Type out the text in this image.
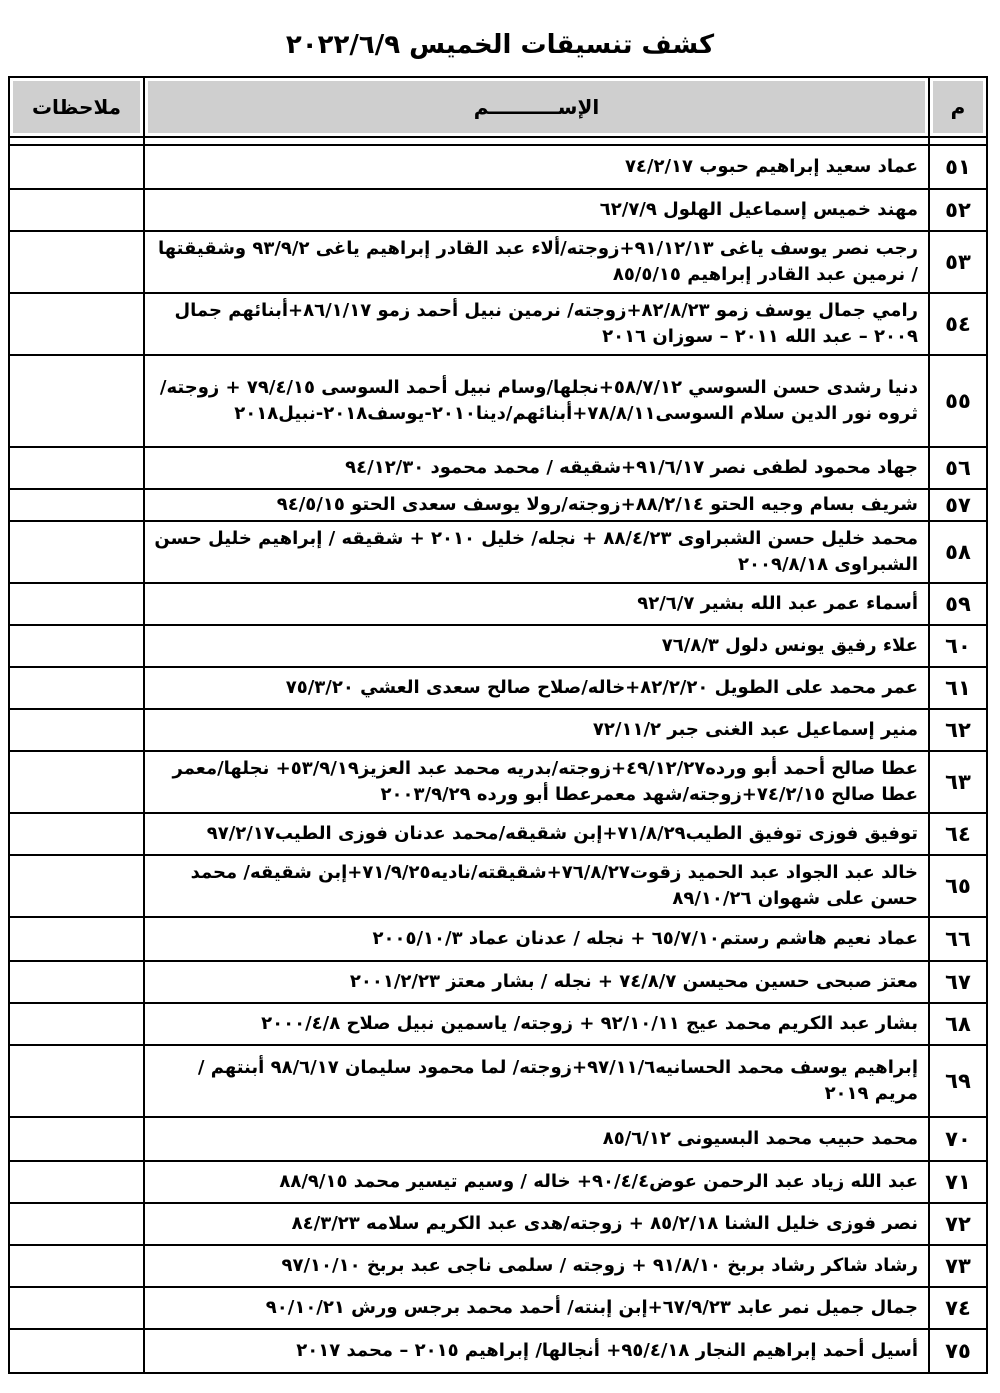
كشف تنسيقات الخميس ٢٠٢٢/٦/٩
م	الإســــــــــم	ملاحظات

٥١	عماد سعيد إبراهيم حبوب ٧٤/٢/١٧	
٥٢	مهند خميس إسماعيل الهلول ٦٢/٧/٩	
٥٣	رجب نصر يوسف ياغى ٩١/١٢/١٣+زوجته/ألاء عبد القادر إبراهيم ياغى ٩٣/٩/٢ وشقيقتها / نرمين عبد القادر إبراهيم ٨٥/٥/١٥	
٥٤	رامي جمال يوسف زمو ٨٢/٨/٢٣+زوجته/ نرمين نبيل أحمد زمو ٨٦/١/١٧+أبنائهم جمال ٢٠٠٩ – عبد الله ٢٠١١ – سوزان ٢٠١٦	
٥٥	دنيا رشدى حسن السوسي ٥٨/٧/١٢+نجلها/وسام نبيل أحمد السوسى ٧٩/٤/١٥ + زوجته/ثروه نور الدين سلام السوسى٧٨/٨/١١+أبنائهم/دينا٢٠١٠-يوسف٢٠١٨-نبيل٢٠١٨	
٥٦	جهاد محمود لطفى نصر ٩١/٦/١٧+شقيقه / محمد محمود ٩٤/١٢/٣٠	
٥٧	شريف بسام وجيه الحتو ٨٨/٢/١٤+زوجته/رولا يوسف سعدى الحتو ٩٤/٥/١٥	
٥٨	محمد خليل حسن الشبراوى ٨٨/٤/٢٣ + نجله/ خليل ٢٠١٠ + شقيقه / إبراهيم خليل حسن الشبراوى ٢٠٠٩/٨/١٨	
٥٩	أسماء عمر عبد الله بشير ٩٢/٦/٧	
٦٠	علاء رفيق يونس دلول ٧٦/٨/٣	
٦١	عمر محمد على الطويل ٨٢/٢/٢٠+خاله/صلاح صالح سعدى العشي ٧٥/٣/٢٠	
٦٢	منير إسماعيل عبد الغنى جبر ٧٢/١١/٢	
٦٣	عطا صالح أحمد أبو ورده٤٩/١٢/٢٧+زوجته/بدريه محمد عبد العزيز٥٣/٩/١٩+ نجلها/معمر عطا صالح ٧٤/٢/١٥+زوجته/شهد معمرعطا أبو ورده ٢٠٠٣/٩/٢٩	
٦٤	توفيق فوزى توفيق الطيب٧١/٨/٢٩+إبن شقيقه/محمد عدنان فوزى الطيب٩٧/٢/١٧	
٦٥	خالد عبد الجواد عبد الحميد زقوت٧٦/٨/٢٧+شقيقته/ناديه٧١/٩/٢٥+إبن شقيقه/ محمد حسن على شهوان ٨٩/١٠/٢٦	
٦٦	عماد نعيم هاشم رستم٦٥/٧/١٠ + نجله / عدنان عماد ٢٠٠٥/١٠/٣	
٦٧	معتز صبحى حسين محيسن ٧٤/٨/٧ + نجله / بشار معتز ٢٠٠١/٢/٢٣	
٦٨	بشار عبد الكريم محمد عيج ٩٢/١٠/١١ + زوجته/ ياسمين نبيل صلاح ٢٠٠٠/٤/٨	
٦٩	إبراهيم يوسف محمد الحسانيه٩٧/١١/٦+زوجته/ لما محمود سليمان ٩٨/٦/١٧ أبنتهم / مريم ٢٠١٩	
٧٠	محمد حبيب محمد البسيونى ٨٥/٦/١٢	
٧١	عبد الله زياد عبد الرحمن عوض٩٠/٤/٤+ خاله / وسيم تيسير محمد ٨٨/٩/١٥	
٧٢	نصر فوزى خليل الشنا ٨٥/٢/١٨ + زوجته/هدى عبد الكريم سلامه ٨٤/٣/٢٣	
٧٣	رشاد شاكر رشاد بربخ ٩١/٨/١٠ + زوجته / سلمى ناجى عبد بربخ ٩٧/١٠/١٠	
٧٤	جمال جميل نمر عابد ٦٧/٩/٢٣+إبن إبنته/ أحمد محمد برجس ورش ٩٠/١٠/٢١	
٧٥	أسيل أحمد إبراهيم النجار ٩٥/٤/١٨+ أنجالها/ إبراهيم ٢٠١٥ – محمد ٢٠١٧	
